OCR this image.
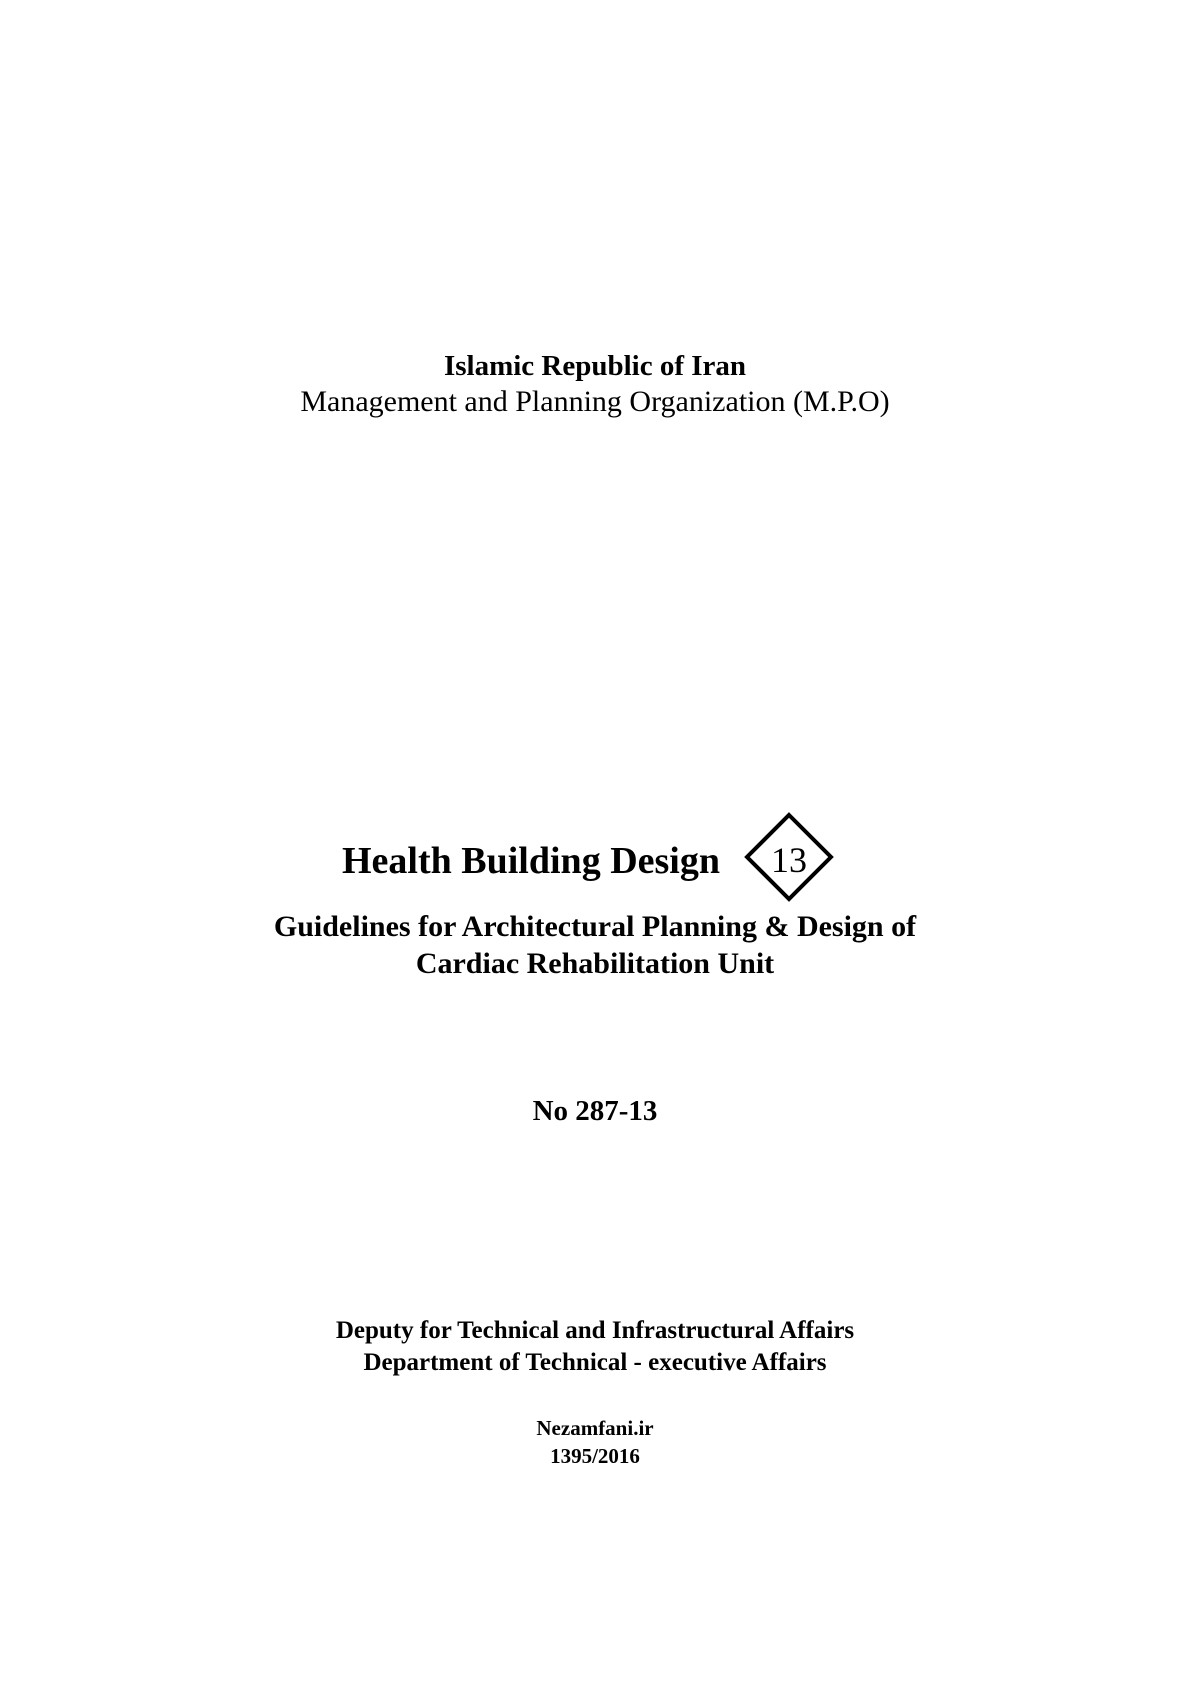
Islamic Republic of Iran
Management and Planning Organization (M.P.O)
Health Building Design	13
Guidelines for Architectural Planning & Design of
Cardiac Rehabilitation Unit
No 287-13
Deputy for Technical and Infrastructural Affairs
Department of Technical - executive Affairs
Nezamfani.ir
1395/2016
